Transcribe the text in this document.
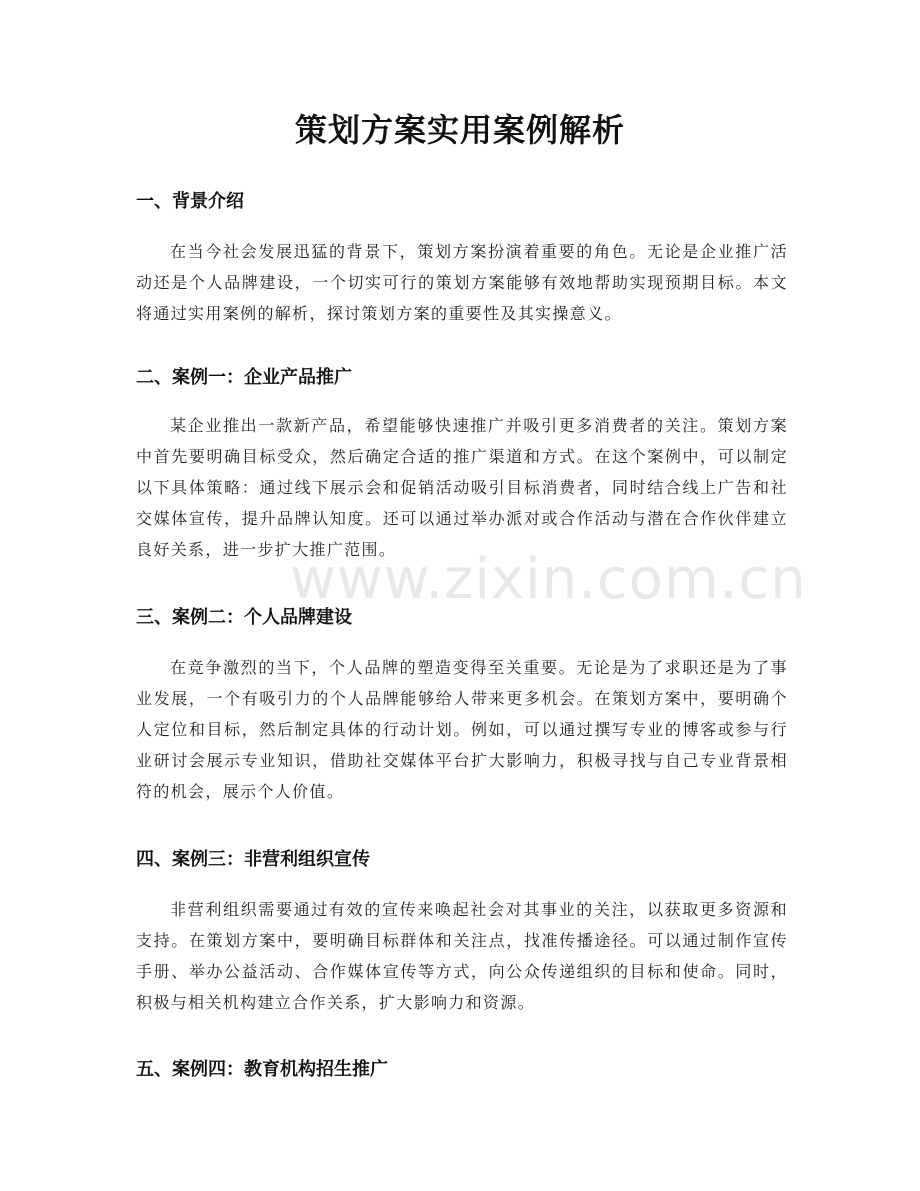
策划方案实用案例解析
一、背景介绍

在当今社会发展迅猛的背景下，策划方案扮演着重要的角色。无论是企业推广活动还是个人品牌建设，一个切实可行的策划方案能够有效地帮助实现预期目标。本文将通过实用案例的解析，探讨策划方案的重要性及其实操意义。

二、案例一：企业产品推广

某企业推出一款新产品，希望能够快速推广并吸引更多消费者的关注。策划方案中首先要明确目标受众，然后确定合适的推广渠道和方式。在这个案例中，可以制定以下具体策略：通过线下展示会和促销活动吸引目标消费者，同时结合线上广告和社交媒体宣传，提升品牌认知度。还可以通过举办派对或合作活动与潜在合作伙伴建立良好关系，进一步扩大推广范围。

三、案例二：个人品牌建设

在竞争激烈的当下，个人品牌的塑造变得至关重要。无论是为了求职还是为了事业发展，一个有吸引力的个人品牌能够给人带来更多机会。在策划方案中，要明确个人定位和目标，然后制定具体的行动计划。例如，可以通过撰写专业的博客或参与行业研讨会展示专业知识，借助社交媒体平台扩大影响力，积极寻找与自己专业背景相符的机会，展示个人价值。

四、案例三：非营利组织宣传

非营利组织需要通过有效的宣传来唤起社会对其事业的关注，以获取更多资源和支持。在策划方案中，要明确目标群体和关注点，找准传播途径。可以通过制作宣传手册、举办公益活动、合作媒体宣传等方式，向公众传递组织的目标和使命。同时，积极与相关机构建立合作关系，扩大影响力和资源。

五、案例四：教育机构招生推广
www.zixin.com.cn
